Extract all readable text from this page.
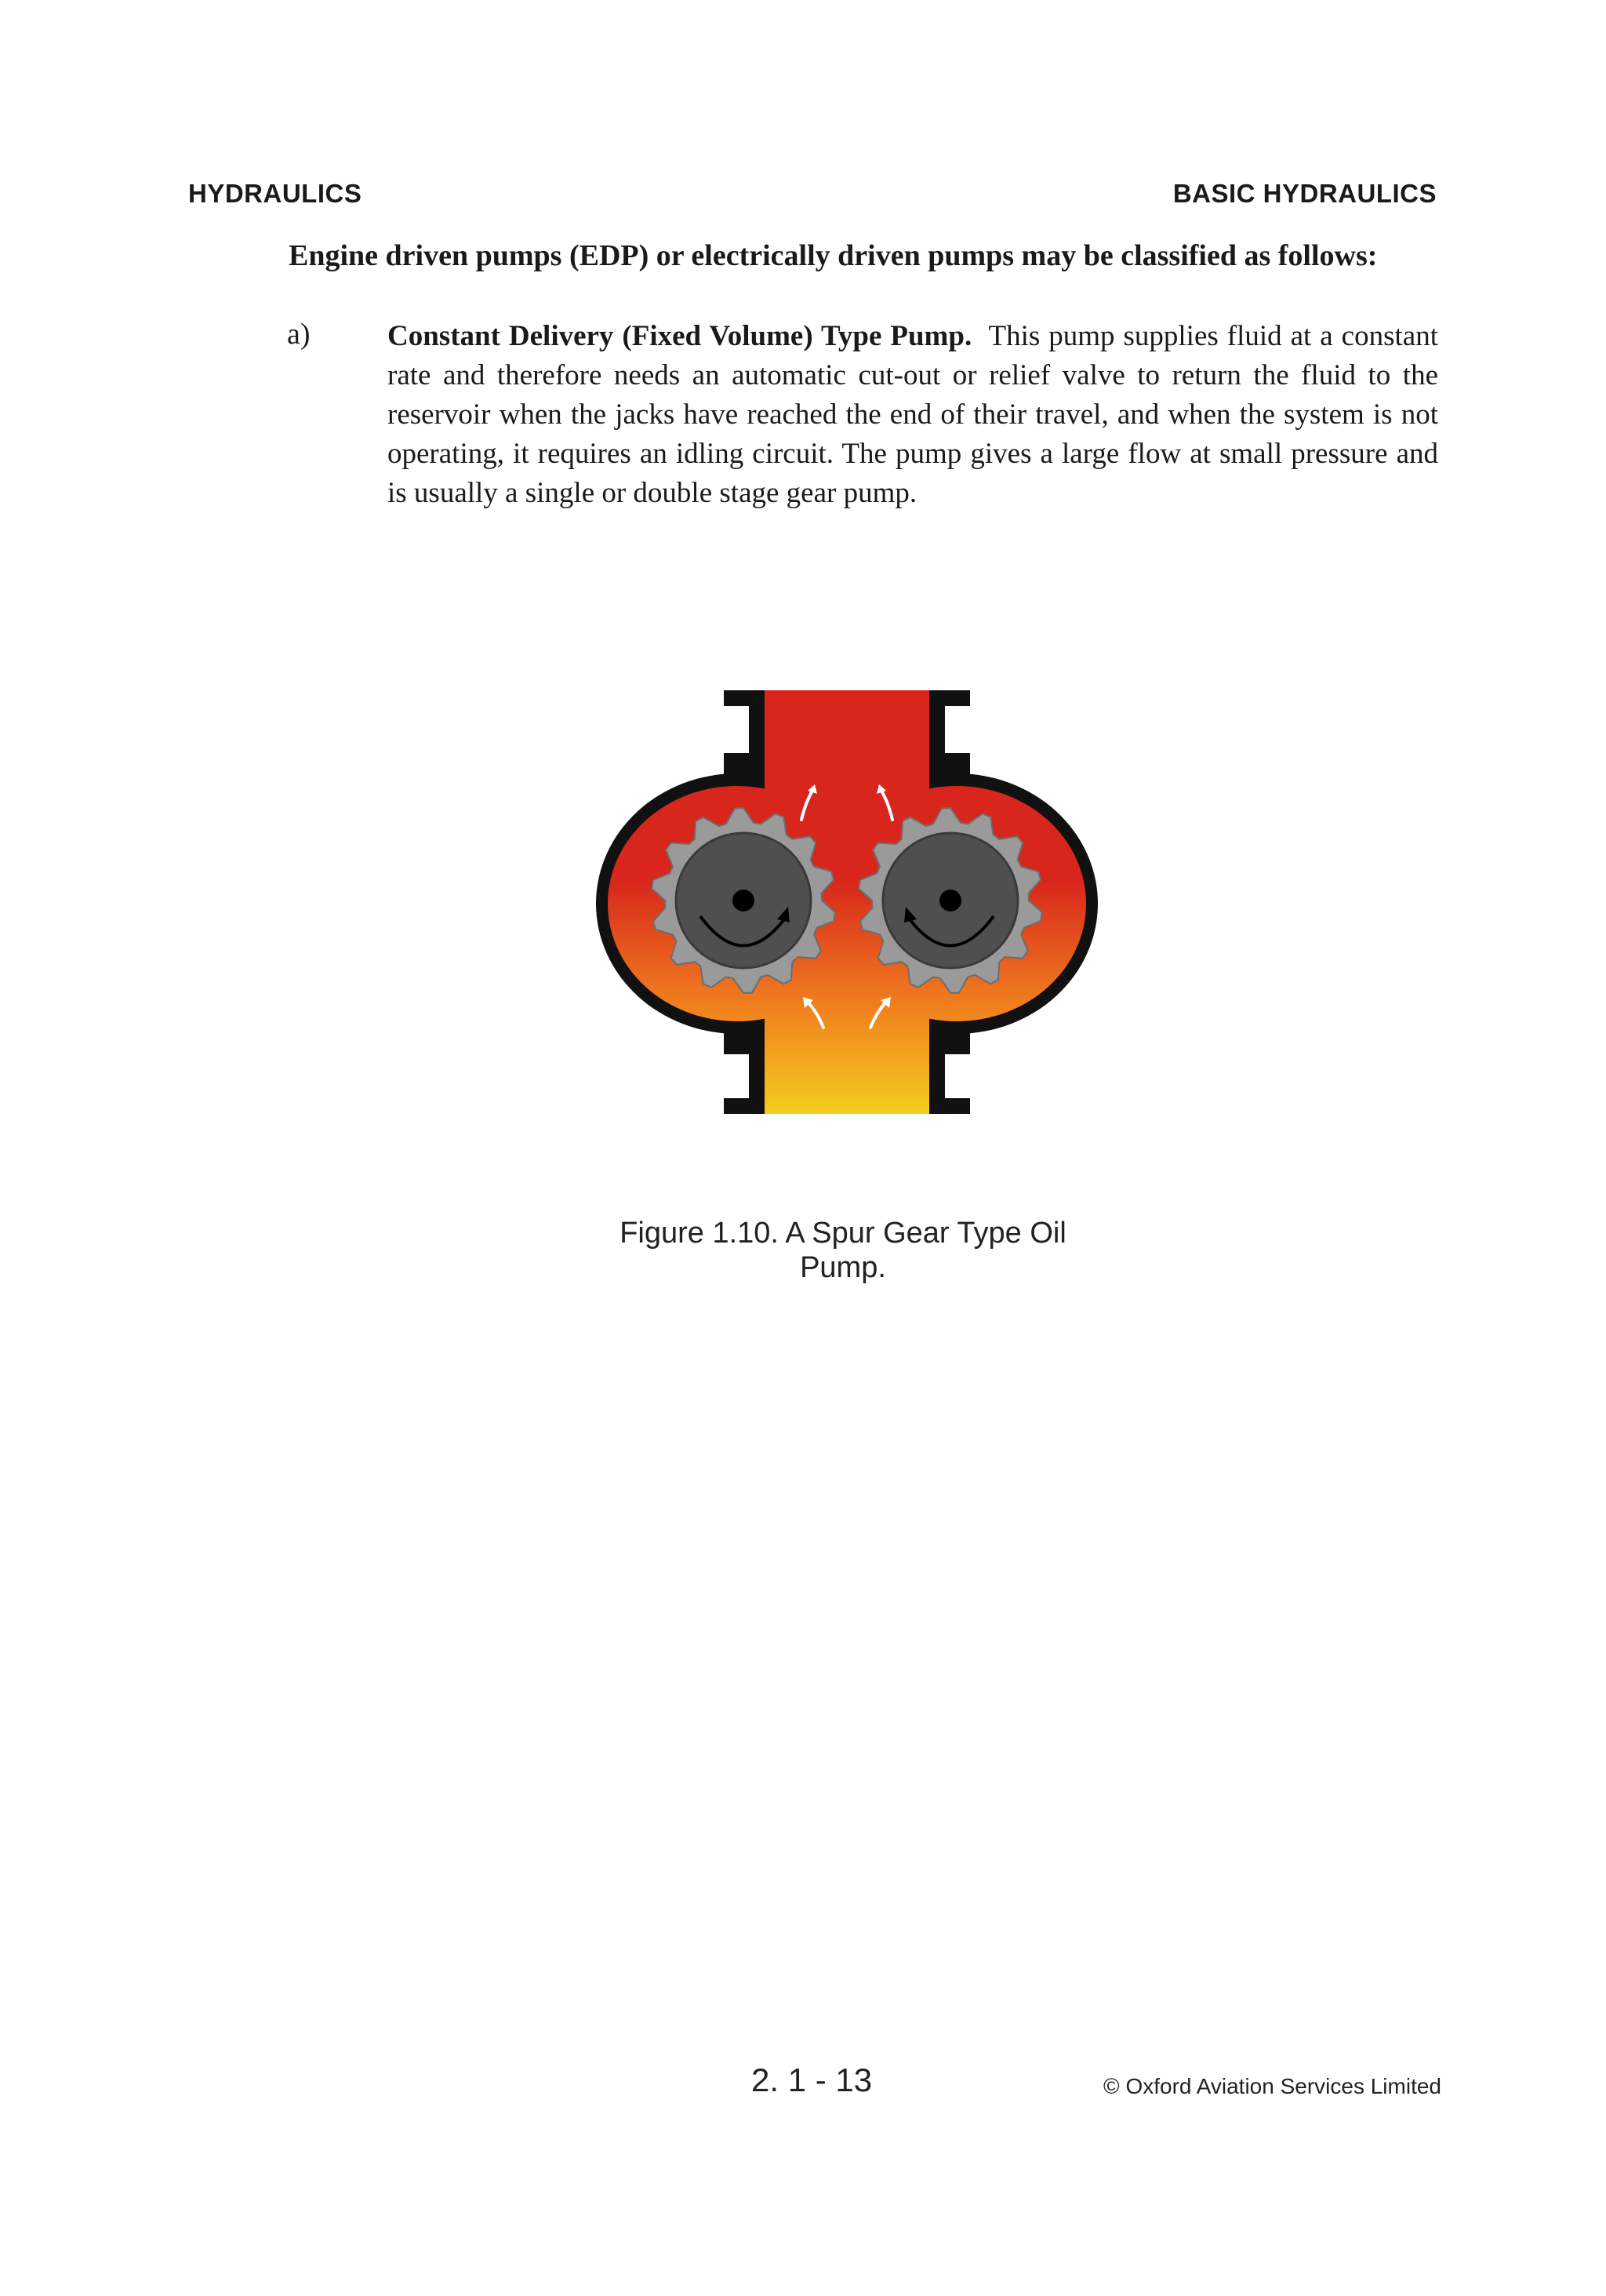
HYDRAULICS	BASIC HYDRAULICS
Engine driven pumps (EDP) or electrically driven pumps may be classified as follows:
a)	Constant Delivery (Fixed Volume) Type Pump. This pump supplies fluid at a constant rate and therefore needs an automatic cut-out or relief valve to return the fluid to the reservoir when the jacks have reached the end of their travel, and when the system is not operating, it requires an idling circuit. The pump gives a large flow at small pressure and is usually a single or double stage gear pump.
Figure 1.10. A Spur Gear Type Oil
Pump.
2. 1 - 13	© Oxford Aviation Services Limited
